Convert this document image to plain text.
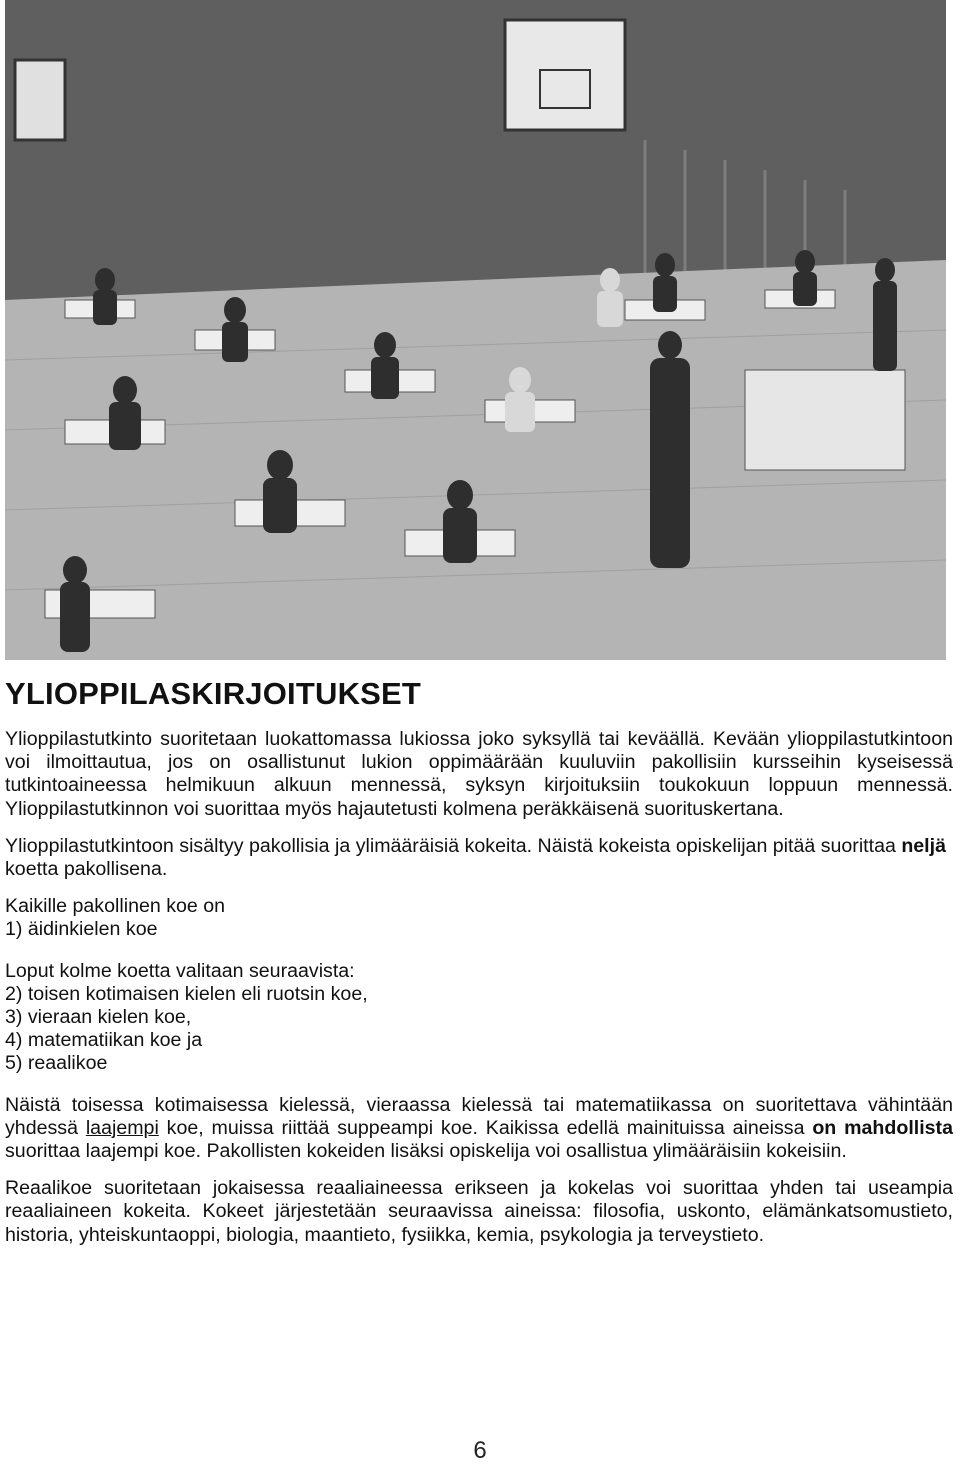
YLIOPPILASKIRJOITUKSET

Ylioppilastutkinto suoritetaan luokattomassa lukiossa joko syksyllä tai keväällä. Kevään ylioppilastutkintoon voi ilmoittautua, jos on osallistunut lukion oppimäärään kuuluviin pakollisiin kursseihin kyseisessä tutkintoaineessa helmikuun alkuun mennessä, syksyn kirjoituksiin toukokuun loppuun mennessä. Ylioppilastutkinnon voi suorittaa myös hajautetusti kolmena peräkkäisenä suorituskertana.

Ylioppilastutkintoon sisältyy pakollisia ja ylimääräisiä kokeita. Näistä kokeista opiskelijan pitää suorittaa neljä koetta pakollisena.

Kaikille pakollinen koe on
1) äidinkielen koe

Loput kolme koetta valitaan seuraavista:
2) toisen kotimaisen kielen eli ruotsin koe,
3) vieraan kielen koe,
4) matematiikan koe ja
5) reaalikoe

Näistä toisessa kotimaisessa kielessä, vieraassa kielessä tai matematiikassa on suoritettava vähintään yhdessä laajempi koe, muissa riittää suppeampi koe. Kaikissa edellä mainituissa aineissa on mahdollista suorittaa laajempi koe. Pakollisten kokeiden lisäksi opiskelija voi osallistua ylimääräisiin kokeisiin.

Reaalikoe suoritetaan jokaisessa reaaliaineessa erikseen ja kokelas voi suorittaa yhden tai useampia reaaliaineen kokeita. Kokeet järjestetään seuraavissa aineissa: filosofia, uskonto, elämänkatsomustieto, historia, yhteiskuntaoppi, biologia, maantieto, fysiikka, kemia, psykologia ja terveystieto.

6
